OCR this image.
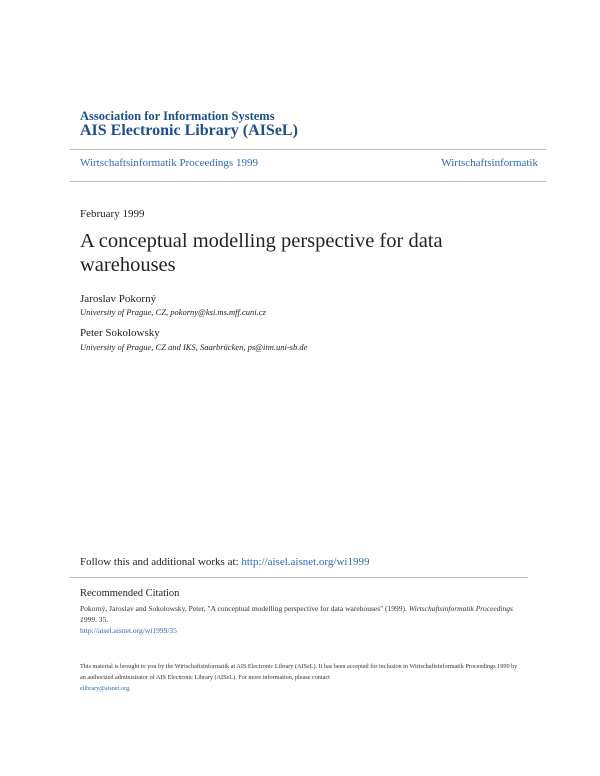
Association for Information Systems
AIS Electronic Library (AISeL)
Wirtschaftsinformatik Proceedings 1999	Wirtschaftsinformatik
February 1999
A conceptual modelling perspective for data warehouses
Jaroslav Pokorný
University of Prague, CZ, pokorny@ksi.ms.mff.cuni.cz
Peter Sokolowsky
University of Prague, CZ and IKS, Saarbrücken, ps@itm.uni-sb.de
Follow this and additional works at: http://aisel.aisnet.org/wi1999
Recommended Citation
Pokorný, Jaroslav and Sokolowsky, Peter, "A conceptual modelling perspective for data warehouses" (1999). Wirtschaftsinformatik Proceedings 1999. 35.
http://aisel.aisnet.org/wi1999/35
This material is brought to you by the Wirtschaftsinformatik at AIS Electronic Library (AISeL). It has been accepted for inclusion in Wirtschaftsinformatik Proceedings 1999 by an authorized administrator of AIS Electronic Library (AISeL). For more information, please contact
elibrary@aisnet.org.
